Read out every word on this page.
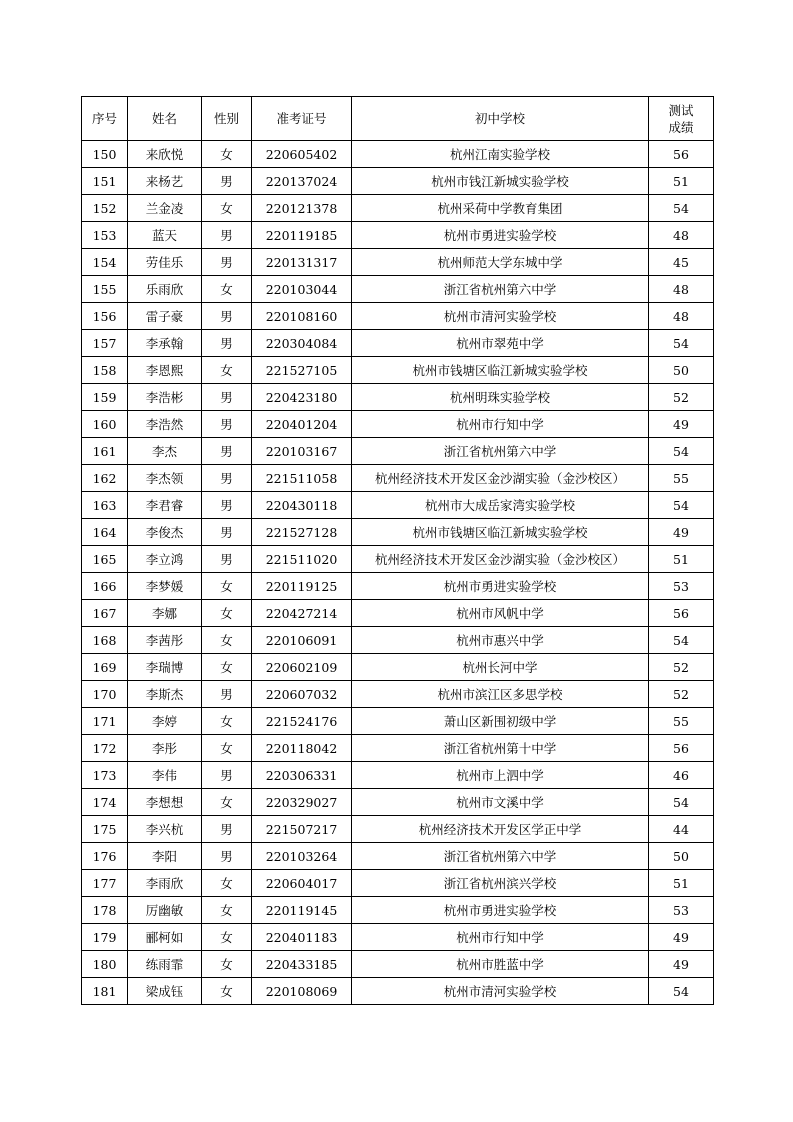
序号	姓名	性别	准考证号	初中学校	测试
成绩

150	来欣悦	女	220605402	杭州江南实验学校	56
151	来杨艺	男	220137024	杭州市钱江新城实验学校	51
152	兰金凌	女	220121378	杭州采荷中学教育集团	54
153	蓝天	男	220119185	杭州市勇进实验学校	48
154	劳佳乐	男	220131317	杭州师范大学东城中学	45
155	乐雨欣	女	220103044	浙江省杭州第六中学	48
156	雷子豪	男	220108160	杭州市清河实验学校	48
157	李承翰	男	220304084	杭州市翠苑中学	54
158	李恩熙	女	221527105	杭州市钱塘区临江新城实验学校	50
159	李浩彬	男	220423180	杭州明珠实验学校	52
160	李浩然	男	220401204	杭州市行知中学	49
161	李杰	男	220103167	浙江省杭州第六中学	54
162	李杰领	男	221511058	杭州经济技术开发区金沙湖实验（金沙校区）	55
163	李君睿	男	220430118	杭州市大成岳家湾实验学校	54
164	李俊杰	男	221527128	杭州市钱塘区临江新城实验学校	49
165	李立鸿	男	221511020	杭州经济技术开发区金沙湖实验（金沙校区）	51
166	李梦媛	女	220119125	杭州市勇进实验学校	53
167	李娜	女	220427214	杭州市风帆中学	56
168	李茜彤	女	220106091	杭州市惠兴中学	54
169	李瑞博	女	220602109	杭州长河中学	52
170	李斯杰	男	220607032	杭州市滨江区多思学校	52
171	李婷	女	221524176	萧山区新围初级中学	55
172	李彤	女	220118042	浙江省杭州第十中学	56
173	李伟	男	220306331	杭州市上泗中学	46
174	李想想	女	220329027	杭州市文溪中学	54
175	李兴杭	男	221507217	杭州经济技术开发区学正中学	44
176	李阳	男	220103264	浙江省杭州第六中学	50
177	李雨欣	女	220604017	浙江省杭州滨兴学校	51
178	厉幽敏	女	220119145	杭州市勇进实验学校	53
179	郦柯如	女	220401183	杭州市行知中学	49
180	练雨霏	女	220433185	杭州市胜蓝中学	49
181	梁成钰	女	220108069	杭州市清河实验学校	54
